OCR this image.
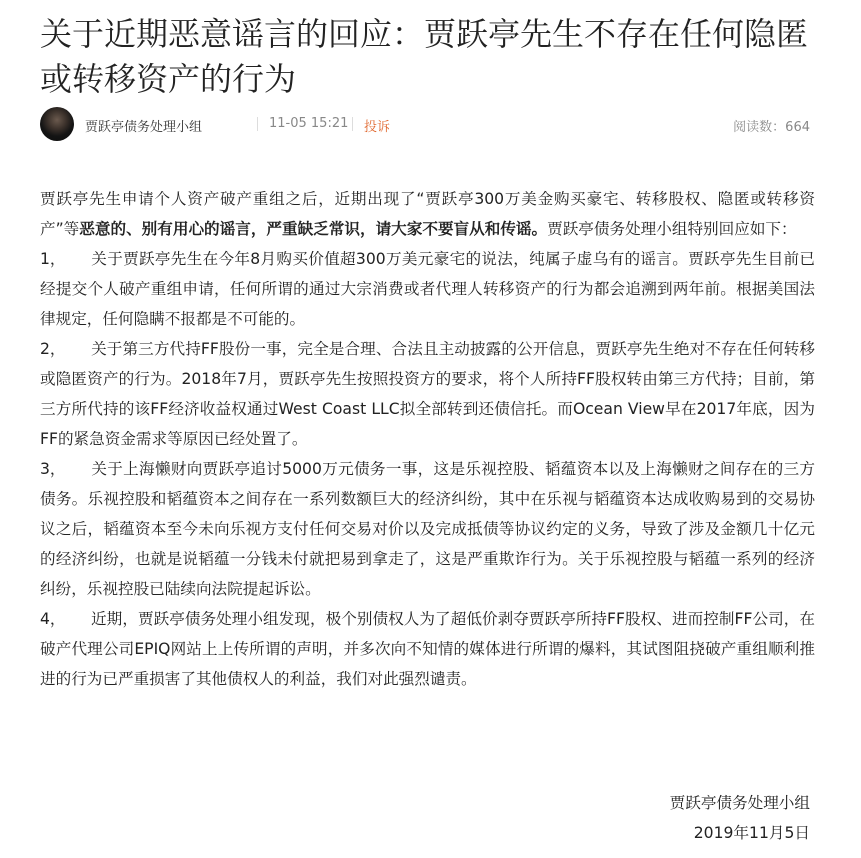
关于近期恶意谣言的回应：贾跃亭先生不存在任何隐匿或转移资产的行为
贾跃亭债务处理小组	11-05 15:21 投诉	阅读数：664

贾跃亭先生申请个人资产破产重组之后，近期出现了“贾跃亭300万美金购买豪宅、转移股权、隐匿或转移资产”等恶意的、别有用心的谣言，严重缺乏常识，请大家不要盲从和传谣。贾跃亭债务处理小组特别回应如下：

1， 关于贾跃亭先生在今年8月购买价值超300万美元豪宅的说法，纯属子虚乌有的谣言。贾跃亭先生目前已经提交个人破产重组申请，任何所谓的通过大宗消费或者代理人转移资产的行为都会追溯到两年前。根据美国法律规定，任何隐瞒不报都是不可能的。

2， 关于第三方代持FF股份一事，完全是合理、合法且主动披露的公开信息，贾跃亭先生绝对不存在任何转移或隐匿资产的行为。2018年7月，贾跃亭先生按照投资方的要求，将个人所持FF股权转由第三方代持；目前，第三方所代持的该FF经济收益权通过West Coast LLC拟全部转到还债信托。而Ocean View早在2017年底，因为FF的紧急资金需求等原因已经处置了。

3， 关于上海懒财向贾跃亭追讨5000万元债务一事，这是乐视控股、韬蕴资本以及上海懒财之间存在的三方债务。乐视控股和韬蕴资本之间存在一系列数额巨大的经济纠纷，其中在乐视与韬蕴资本达成收购易到的交易协议之后，韬蕴资本至今未向乐视方支付任何交易对价以及完成抵债等协议约定的义务，导致了涉及金额几十亿元的经济纠纷，也就是说韬蕴一分钱未付就把易到拿走了，这是严重欺诈行为。关于乐视控股与韬蕴一系列的经济纠纷，乐视控股已陆续向法院提起诉讼。

4， 近期，贾跃亭债务处理小组发现，极个别债权人为了超低价剥夺贾跃亭所持FF股权、进而控制FF公司，在破产代理公司EPIQ网站上上传所谓的声明，并多次向不知情的媒体进行所谓的爆料，其试图阻挠破产重组顺利推进的行为已严重损害了其他债权人的利益，我们对此强烈谴责。

贾跃亭债务处理小组
2019年11月5日
